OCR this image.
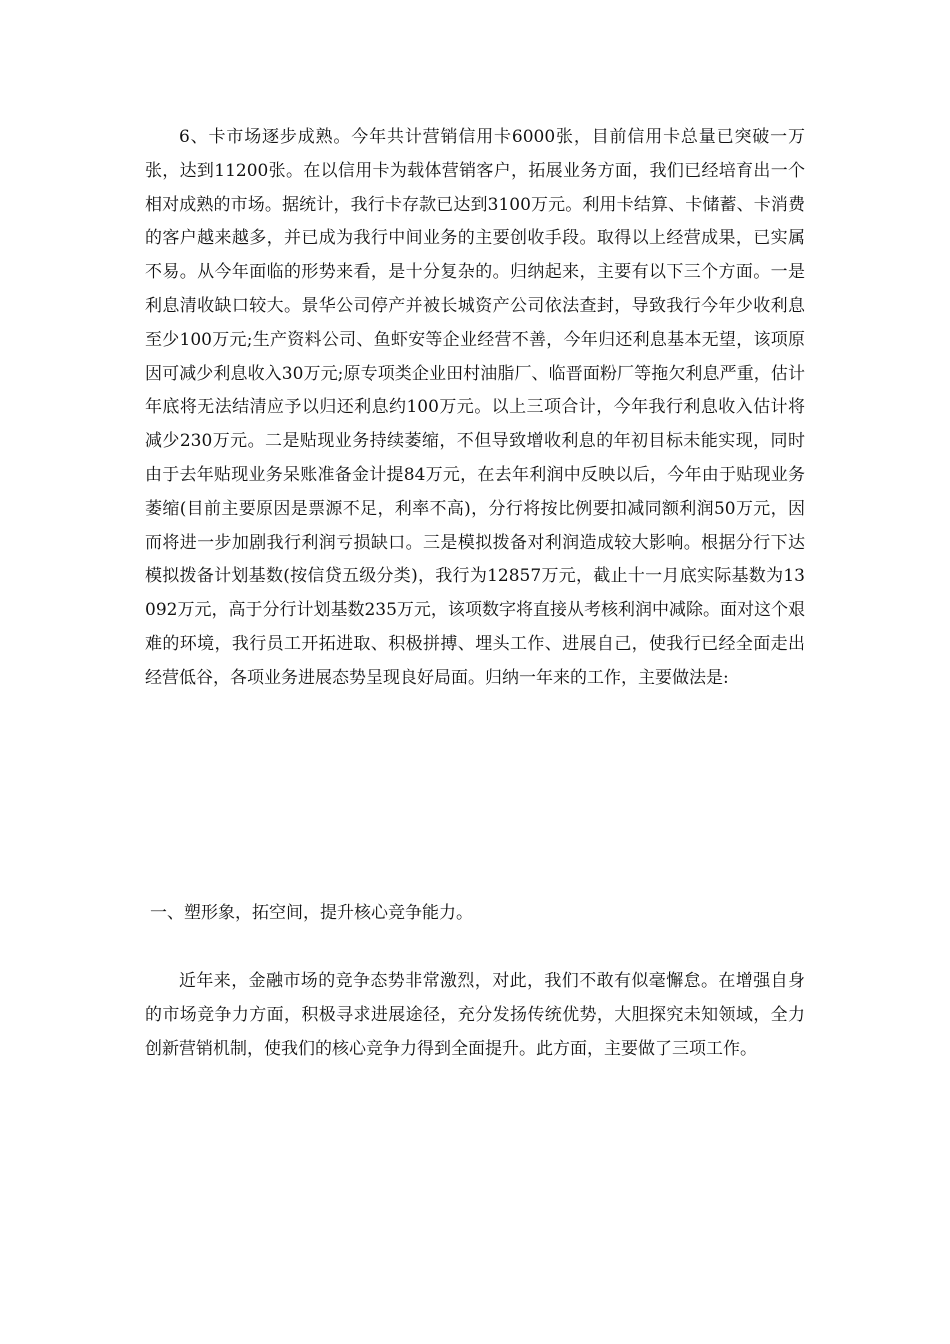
6、卡市场逐步成熟。今年共计营销信用卡6000张，目前信用卡总量已突破一万张，达到11200张。在以信用卡为载体营销客户，拓展业务方面，我们已经培育出一个相对成熟的市场。据统计，我行卡存款已达到3100万元。利用卡结算、卡储蓄、卡消费的客户越来越多，并已成为我行中间业务的主要创收手段。取得以上经营成果，已实属不易。从今年面临的形势来看，是十分复杂的。归纳起来，主要有以下三个方面。一是利息清收缺口较大。景华公司停产并被长城资产公司依法查封，导致我行今年少收利息至少100万元;生产资料公司、鱼虾安等企业经营不善，今年归还利息基本无望，该项原因可减少利息收入30万元;原专项类企业田村油脂厂、临晋面粉厂等拖欠利息严重，估计年底将无法结清应予以归还利息约100万元。以上三项合计，今年我行利息收入估计将减少230万元。二是贴现业务持续萎缩，不但导致增收利息的年初目标未能实现，同时由于去年贴现业务呆账准备金计提84万元，在去年利润中反映以后，今年由于贴现业务萎缩(目前主要原因是票源不足，利率不高)，分行将按比例要扣减同额利润50万元，因而将进一步加剧我行利润亏损缺口。三是模拟拨备对利润造成较大影响。根据分行下达模拟拨备计划基数(按信贷五级分类)，我行为12857万元，截止十一月底实际基数为13092万元，高于分行计划基数235万元，该项数字将直接从考核利润中减除。面对这个艰难的环境，我行员工开拓进取、积极拼搏、埋头工作、进展自己，使我行已经全面走出经营低谷，各项业务进展态势呈现良好局面。归纳一年来的工作，主要做法是:

一、塑形象，拓空间，提升核心竞争能力。

近年来，金融市场的竞争态势非常激烈，对此，我们不敢有似毫懈怠。在增强自身的市场竞争力方面，积极寻求进展途径，充分发扬传统优势，大胆探究未知领域，全力创新营销机制，使我们的核心竞争力得到全面提升。此方面，主要做了三项工作。
